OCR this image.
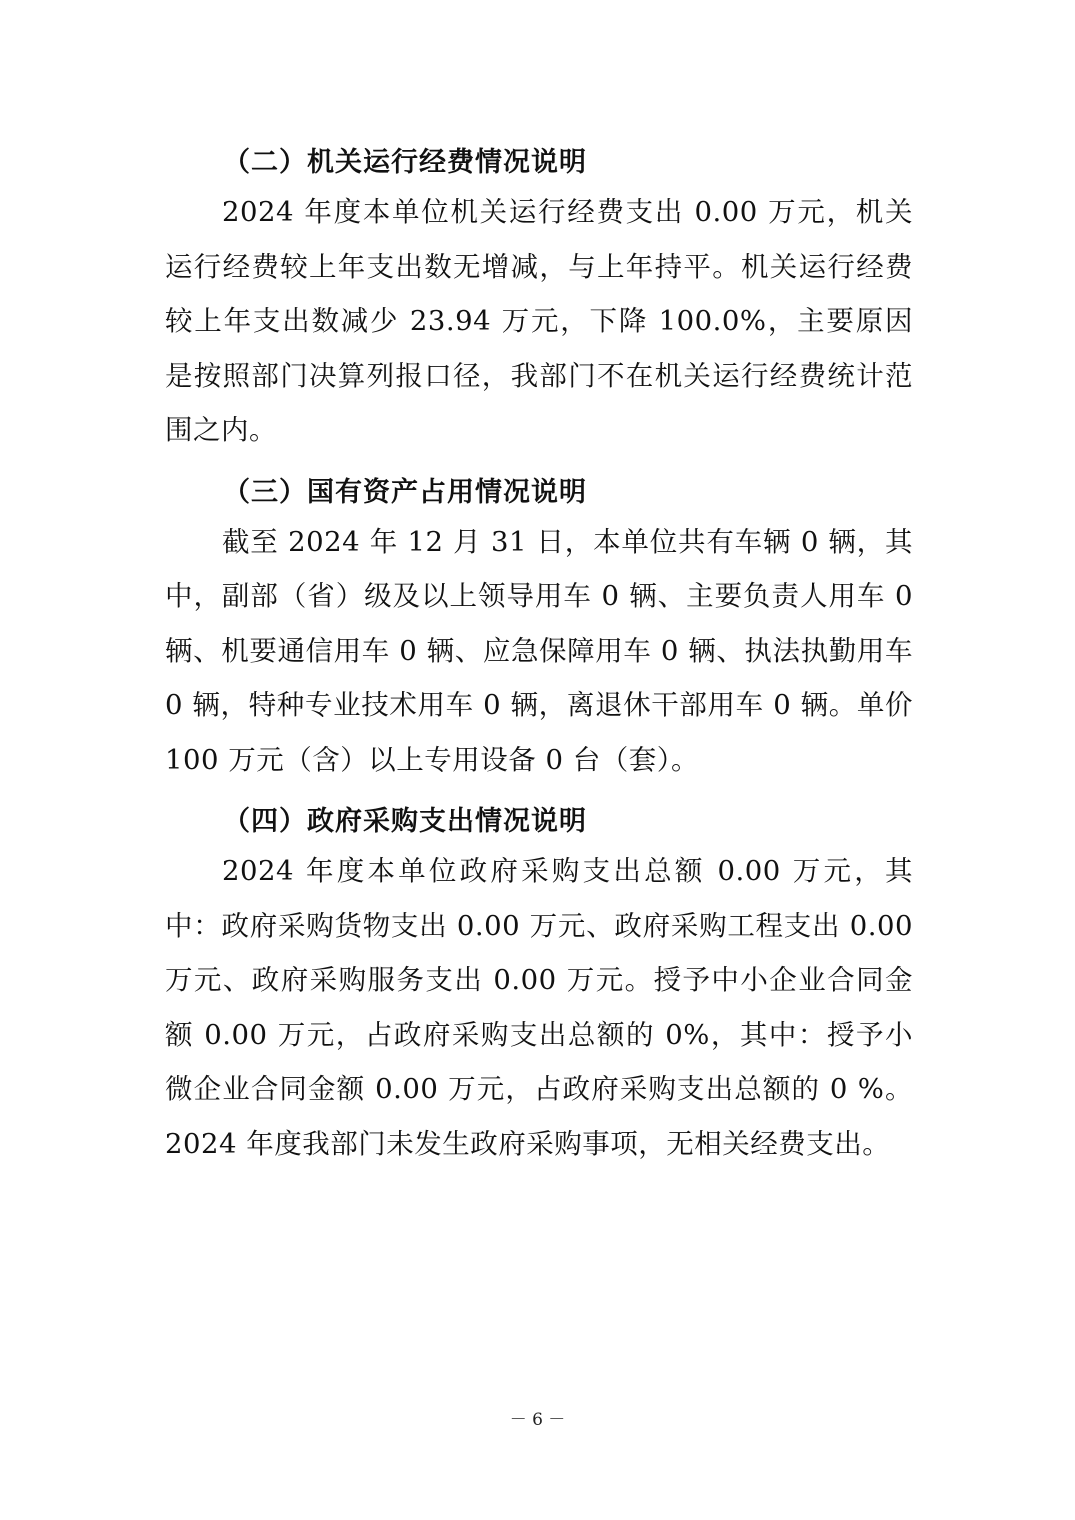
（二）机关运行经费情况说明

2024 年度本单位机关运行经费支出 0.00 万元，机关运行经费较上年支出数无增减，与上年持平。机关运行经费较上年支出数减少 23.94 万元，下降 100.0%，主要原因是按照部门决算列报口径，我部门不在机关运行经费统计范围之内。

（三）国有资产占用情况说明

截至 2024 年 12 月 31 日，本单位共有车辆 0 辆，其中，副部（省）级及以上领导用车 0 辆、主要负责人用车 0 辆、机要通信用车 0 辆、应急保障用车 0 辆、执法执勤用车 0 辆，特种专业技术用车 0 辆，离退休干部用车 0 辆。单价 100 万元（含）以上专用设备 0 台（套）。

（四）政府采购支出情况说明

2024 年度本单位政府采购支出总额 0.00 万元，其中：政府采购货物支出 0.00 万元、政府采购工程支出 0.00 万元、政府采购服务支出 0.00 万元。授予中小企业合同金额 0.00 万元，占政府采购支出总额的 0%，其中：授予小微企业合同金额 0.00 万元，占政府采购支出总额的 0 %。2024 年度我部门未发生政府采购事项，无相关经费支出。

－ 6 －
